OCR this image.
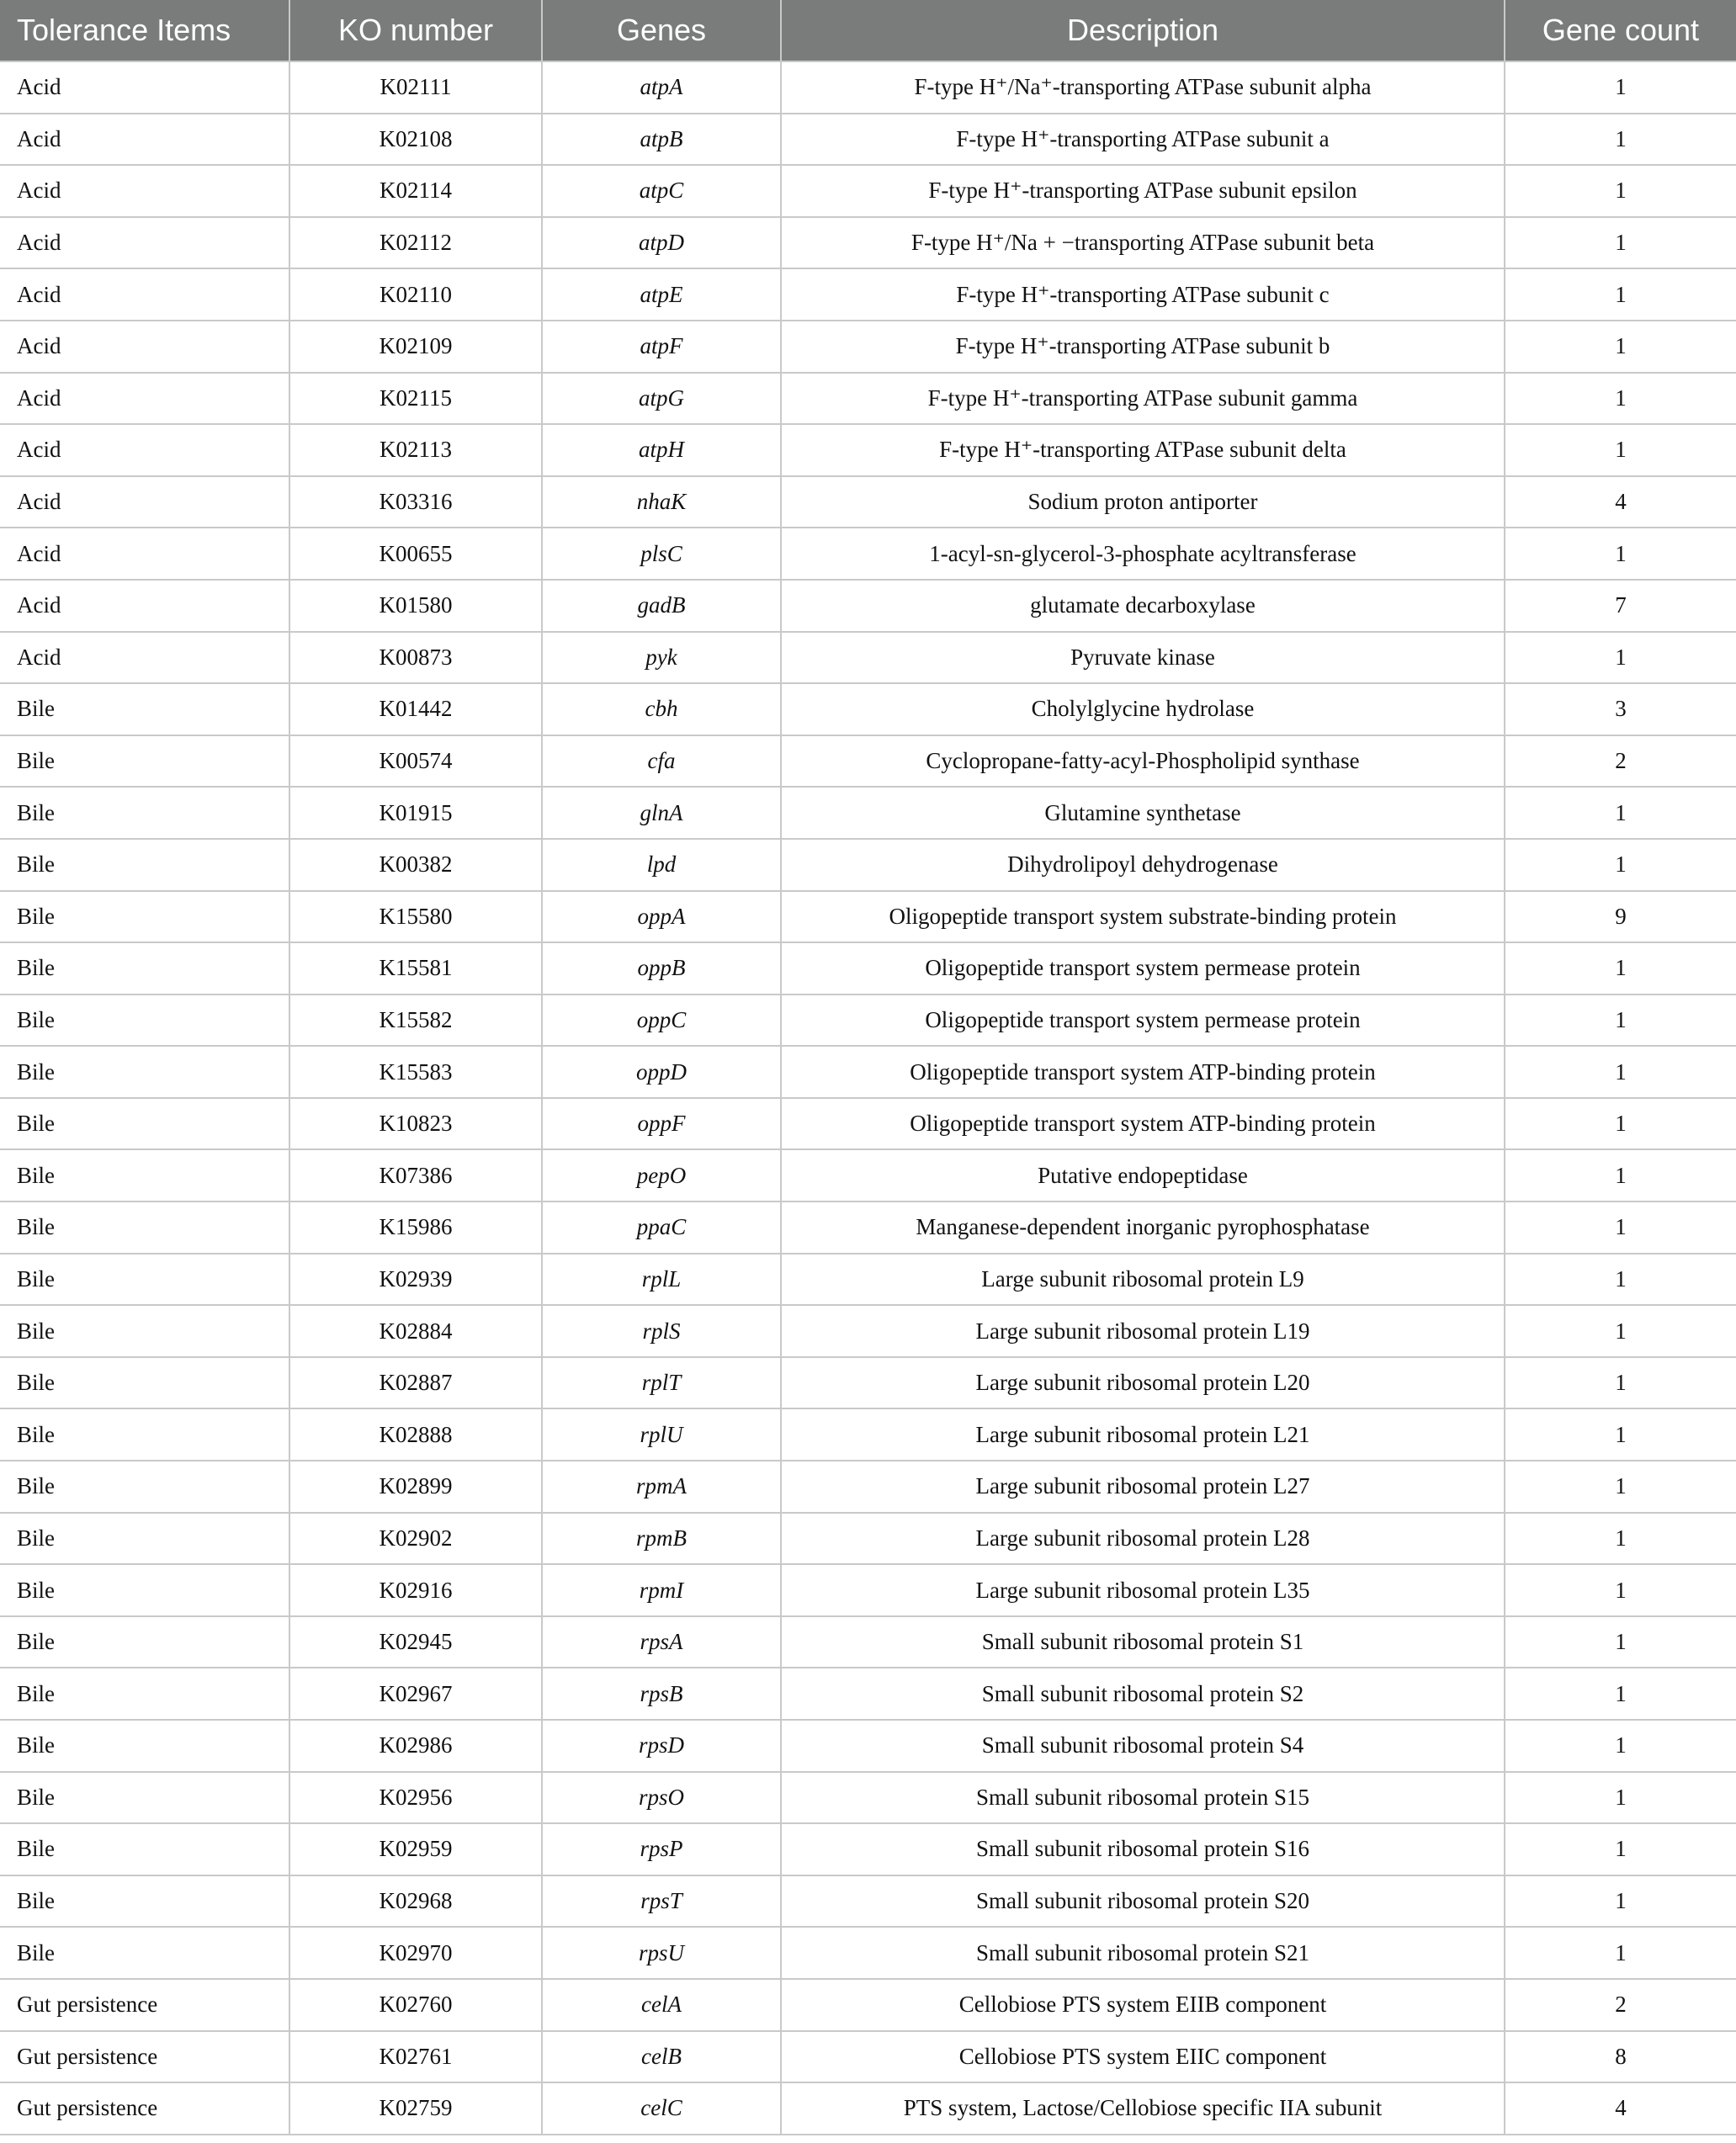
Tolerance Items	KO number	Genes	Description	Gene count
Acid	K02111	atpA	F-type H⁺/Na⁺-transporting ATPase subunit alpha	1
Acid	K02108	atpB	F-type H⁺-transporting ATPase subunit a	1
Acid	K02114	atpC	F-type H⁺-transporting ATPase subunit epsilon	1
Acid	K02112	atpD	F-type H⁺/Na + −transporting ATPase subunit beta	1
Acid	K02110	atpE	F-type H⁺-transporting ATPase subunit c	1
Acid	K02109	atpF	F-type H⁺-transporting ATPase subunit b	1
Acid	K02115	atpG	F-type H⁺-transporting ATPase subunit gamma	1
Acid	K02113	atpH	F-type H⁺-transporting ATPase subunit delta	1
Acid	K03316	nhaK	Sodium proton antiporter	4
Acid	K00655	plsC	1-acyl-sn-glycerol-3-phosphate acyltransferase	1
Acid	K01580	gadB	glutamate decarboxylase	7
Acid	K00873	pyk	Pyruvate kinase	1
Bile	K01442	cbh	Cholylglycine hydrolase	3
Bile	K00574	cfa	Cyclopropane-fatty-acyl-Phospholipid synthase	2
Bile	K01915	glnA	Glutamine synthetase	1
Bile	K00382	lpd	Dihydrolipoyl dehydrogenase	1
Bile	K15580	oppA	Oligopeptide transport system substrate-binding protein	9
Bile	K15581	oppB	Oligopeptide transport system permease protein	1
Bile	K15582	oppC	Oligopeptide transport system permease protein	1
Bile	K15583	oppD	Oligopeptide transport system ATP-binding protein	1
Bile	K10823	oppF	Oligopeptide transport system ATP-binding protein	1
Bile	K07386	pepO	Putative endopeptidase	1
Bile	K15986	ppaC	Manganese-dependent inorganic pyrophosphatase	1
Bile	K02939	rplL	Large subunit ribosomal protein L9	1
Bile	K02884	rplS	Large subunit ribosomal protein L19	1
Bile	K02887	rplT	Large subunit ribosomal protein L20	1
Bile	K02888	rplU	Large subunit ribosomal protein L21	1
Bile	K02899	rpmA	Large subunit ribosomal protein L27	1
Bile	K02902	rpmB	Large subunit ribosomal protein L28	1
Bile	K02916	rpmI	Large subunit ribosomal protein L35	1
Bile	K02945	rpsA	Small subunit ribosomal protein S1	1
Bile	K02967	rpsB	Small subunit ribosomal protein S2	1
Bile	K02986	rpsD	Small subunit ribosomal protein S4	1
Bile	K02956	rpsO	Small subunit ribosomal protein S15	1
Bile	K02959	rpsP	Small subunit ribosomal protein S16	1
Bile	K02968	rpsT	Small subunit ribosomal protein S20	1
Bile	K02970	rpsU	Small subunit ribosomal protein S21	1
Gut persistence	K02760	celA	Cellobiose PTS system EIIB component	2
Gut persistence	K02761	celB	Cellobiose PTS system EIIC component	8
Gut persistence	K02759	celC	PTS system, Lactose/Cellobiose specific IIA subunit	4
